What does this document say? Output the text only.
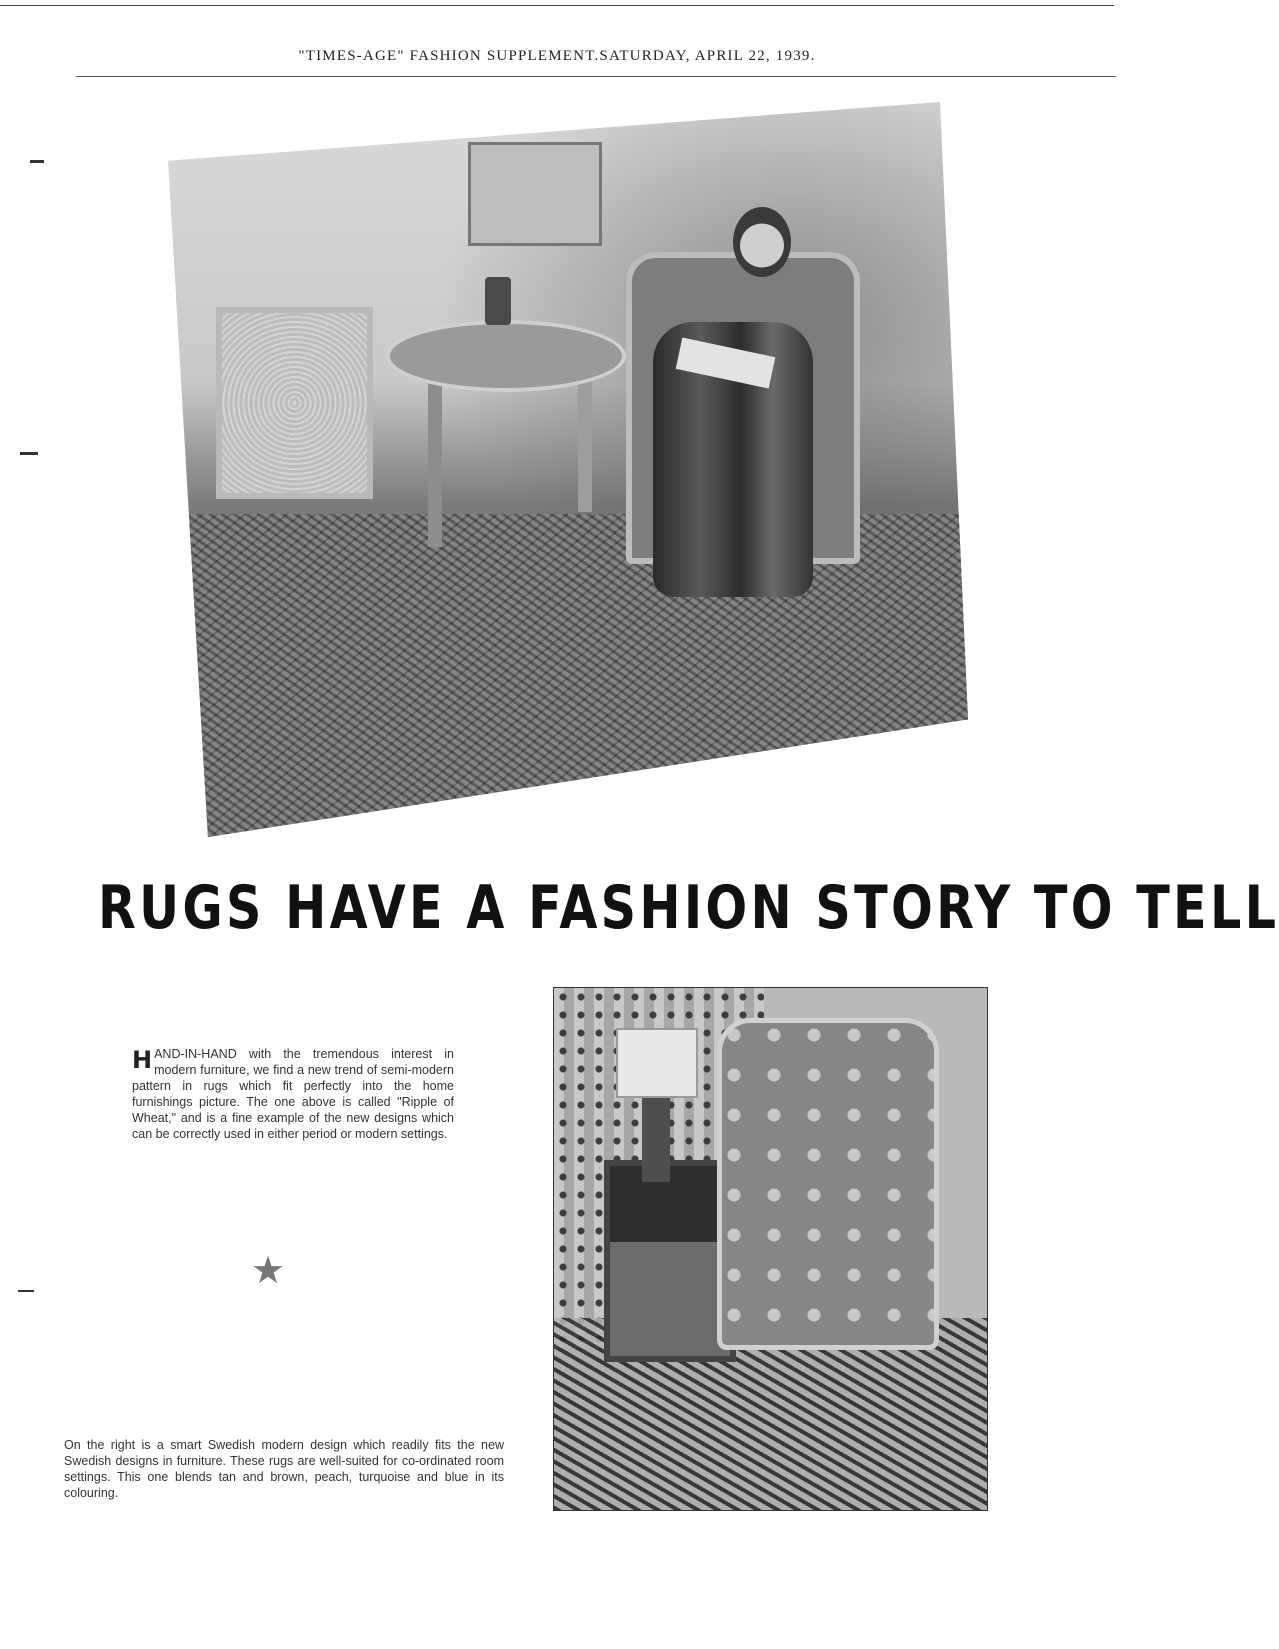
"TIMES-AGE" FASHION SUPPLEMENT.SATURDAY, APRIL 22, 1939.
RUGS HAVE A FASHION STORY TO TELL
H AND-IN-HAND with the tremendous interest in modern furniture, we find a new trend of semi-modern pattern in rugs which fit perfectly into the home furnishings picture. The one above is called "Ripple of Wheat," and is a fine example of the new designs which can be correctly used in either period or modern settings.
★
On the right is a smart Swedish modern design which readily fits the new Swedish designs in furniture. These rugs are well-suited for co-ordinated room settings. This one blends tan and brown, peach, turquoise and blue in its colouring.
